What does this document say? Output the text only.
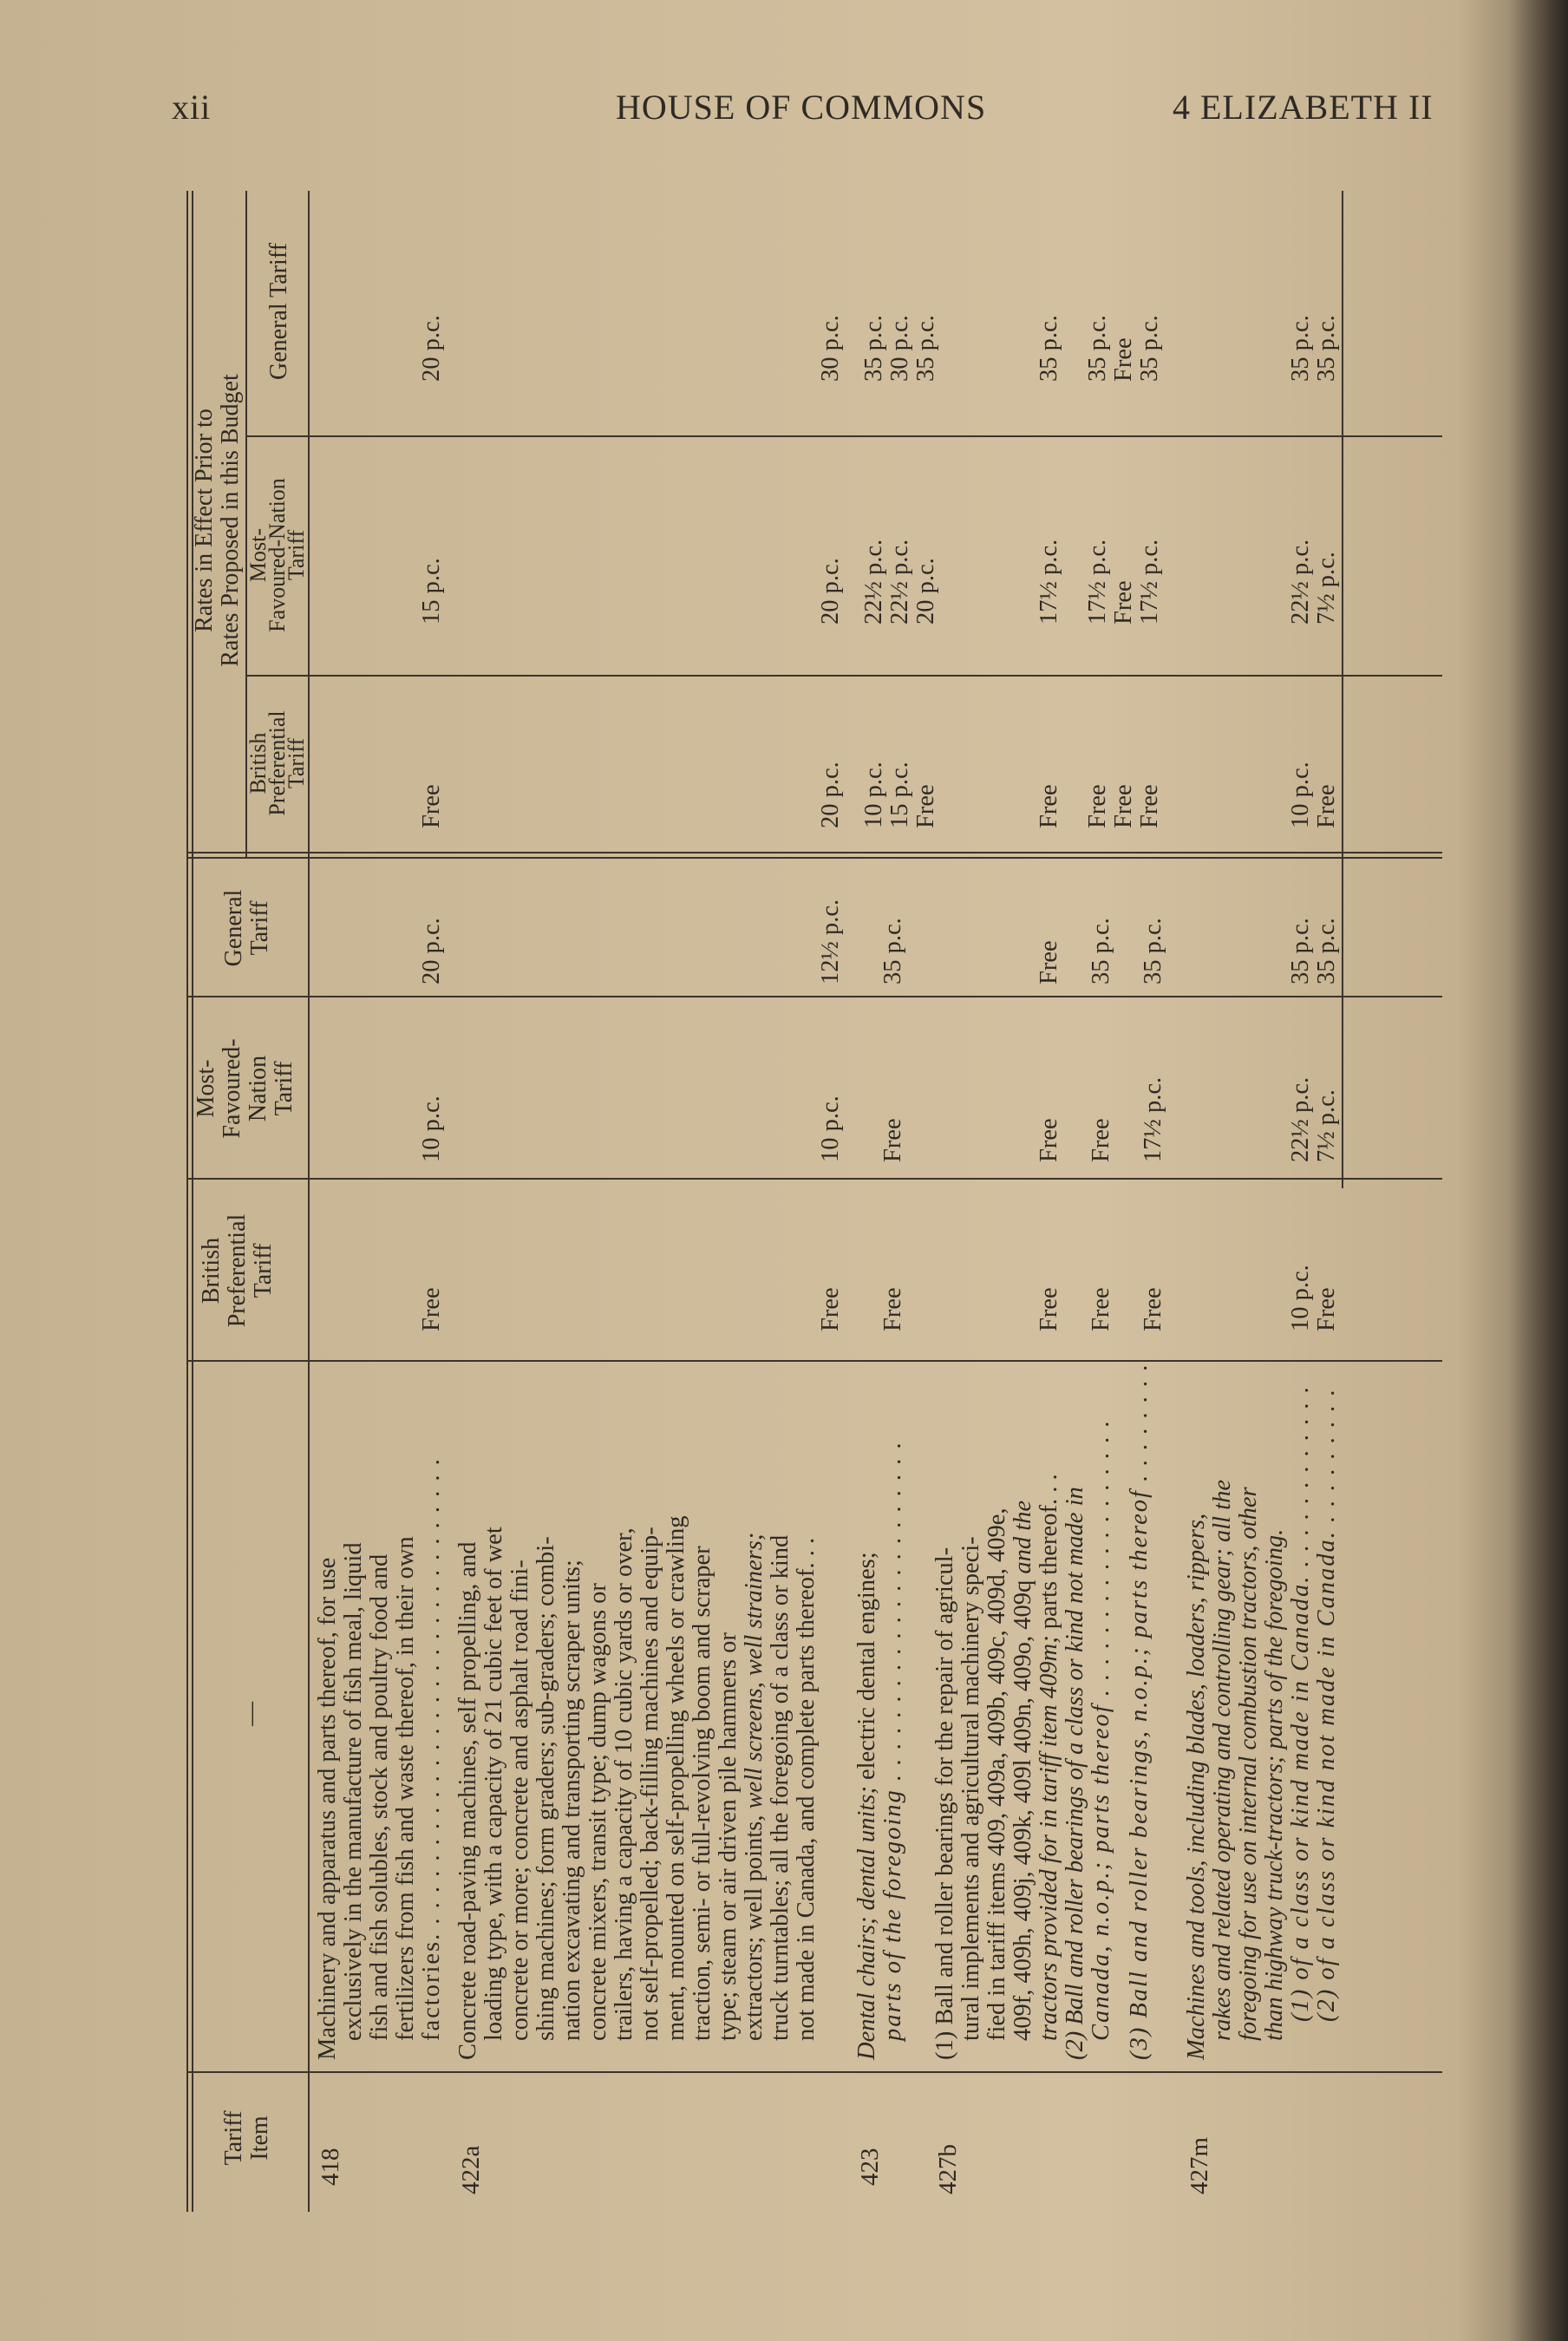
xii	HOUSE OF COMMONS	4 ELIZABETH II
Tariff Item
—
British Preferential Tariff
Most- Favoured- Nation Tariff
General Tariff
Rates in Effect Prior to Rates Proposed in this Budget
British
Preferential
Tariff
Most-
Favoured-Nation
Tariff
General Tariff
418
Machinery and apparatus and parts thereof, for use exclusively in the manufacture of fish meal, liquid fish and fish solubles, stock and poultry food and fertilizers from fish and waste thereof, in their own factories. . . . . . . . . . . . . . . . . . . . . . . . . . . . . . .
Free
10 p.c.
20 p.c.
Free
15 p.c.
20 p.c.
422a
Concrete road-paving machines, self propelling, and loading type, with a capacity of 21 cubic feet of wet concrete or more; concrete and asphalt road fini- shing machines; form graders; sub-graders; combi- nation excavating and transporting scraper units; concrete mixers, transit type; dump wagons or trailers, having a capacity of 10 cubic yards or over, not self-propelled; back-filling machines and equip- ment, mounted on self-propelling wheels or crawling traction, semi- or full-revolving boom and scraper type; steam or air driven pile hammers or extractors; well points, well screens, well strainers; truck turntables; all the foregoing of a class or kind not made in Canada, and complete parts thereof. . .
Free
10 p.c.
12½ p.c.
20 p.c.
20 p.c.
30 p.c.
423
Dental chairs; dental units; electric dental engines; parts of the foregoing . . . . . . . . . . . . . . . . . . . . . .
Free
Free
35 p.c.
10 p.c. 15 p.c. Free
22½ p.c. 22½ p.c. 20 p.c.
35 p.c. 30 p.c. 35 p.c.
427b
(1) Ball and roller bearings for the repair of agricul- tural implements and agricultural machinery speci- fied in tariff items 409, 409a, 409b, 409c, 409d, 409e, 409f, 409h, 409j, 409k, 409l 409n, 409o, 409q and the
tractors provided for in tariff item 409m; parts thereof. . . (2) Ball and roller bearings of a class or kind not made in Canada, n.o.p.; parts thereof . . . . . . . . . . . . . . . . . . (3) Ball and roller bearings, n.o.p.; parts thereof . . . . . . . .
Free Free Free
Free Free 17½ p.c.
Free 35 p.c. 35 p.c.
Free Free Free Free
17½ p.c. 17½ p.c. Free 17½ p.c.
35 p.c. 35 p.c. Free 35 p.c.
427m
Machines and tools, including blades, loaders, rippers, rakes and related operating and controlling gear; all the foregoing for use on internal combustion tractors, other than highway truck-tractors; parts of the foregoing. (1) of a class or kind made in Canada. . . . . . . . . . . . . (2) of a class or kind not made in Canada. . . . . . . . . .
10 p.c. Free
22½ p.c. 7½ p.c.
35 p.c. 35 p.c.
10 p.c. Free
22½ p.c. 7½ p.c.
35 p.c. 35 p.c.
